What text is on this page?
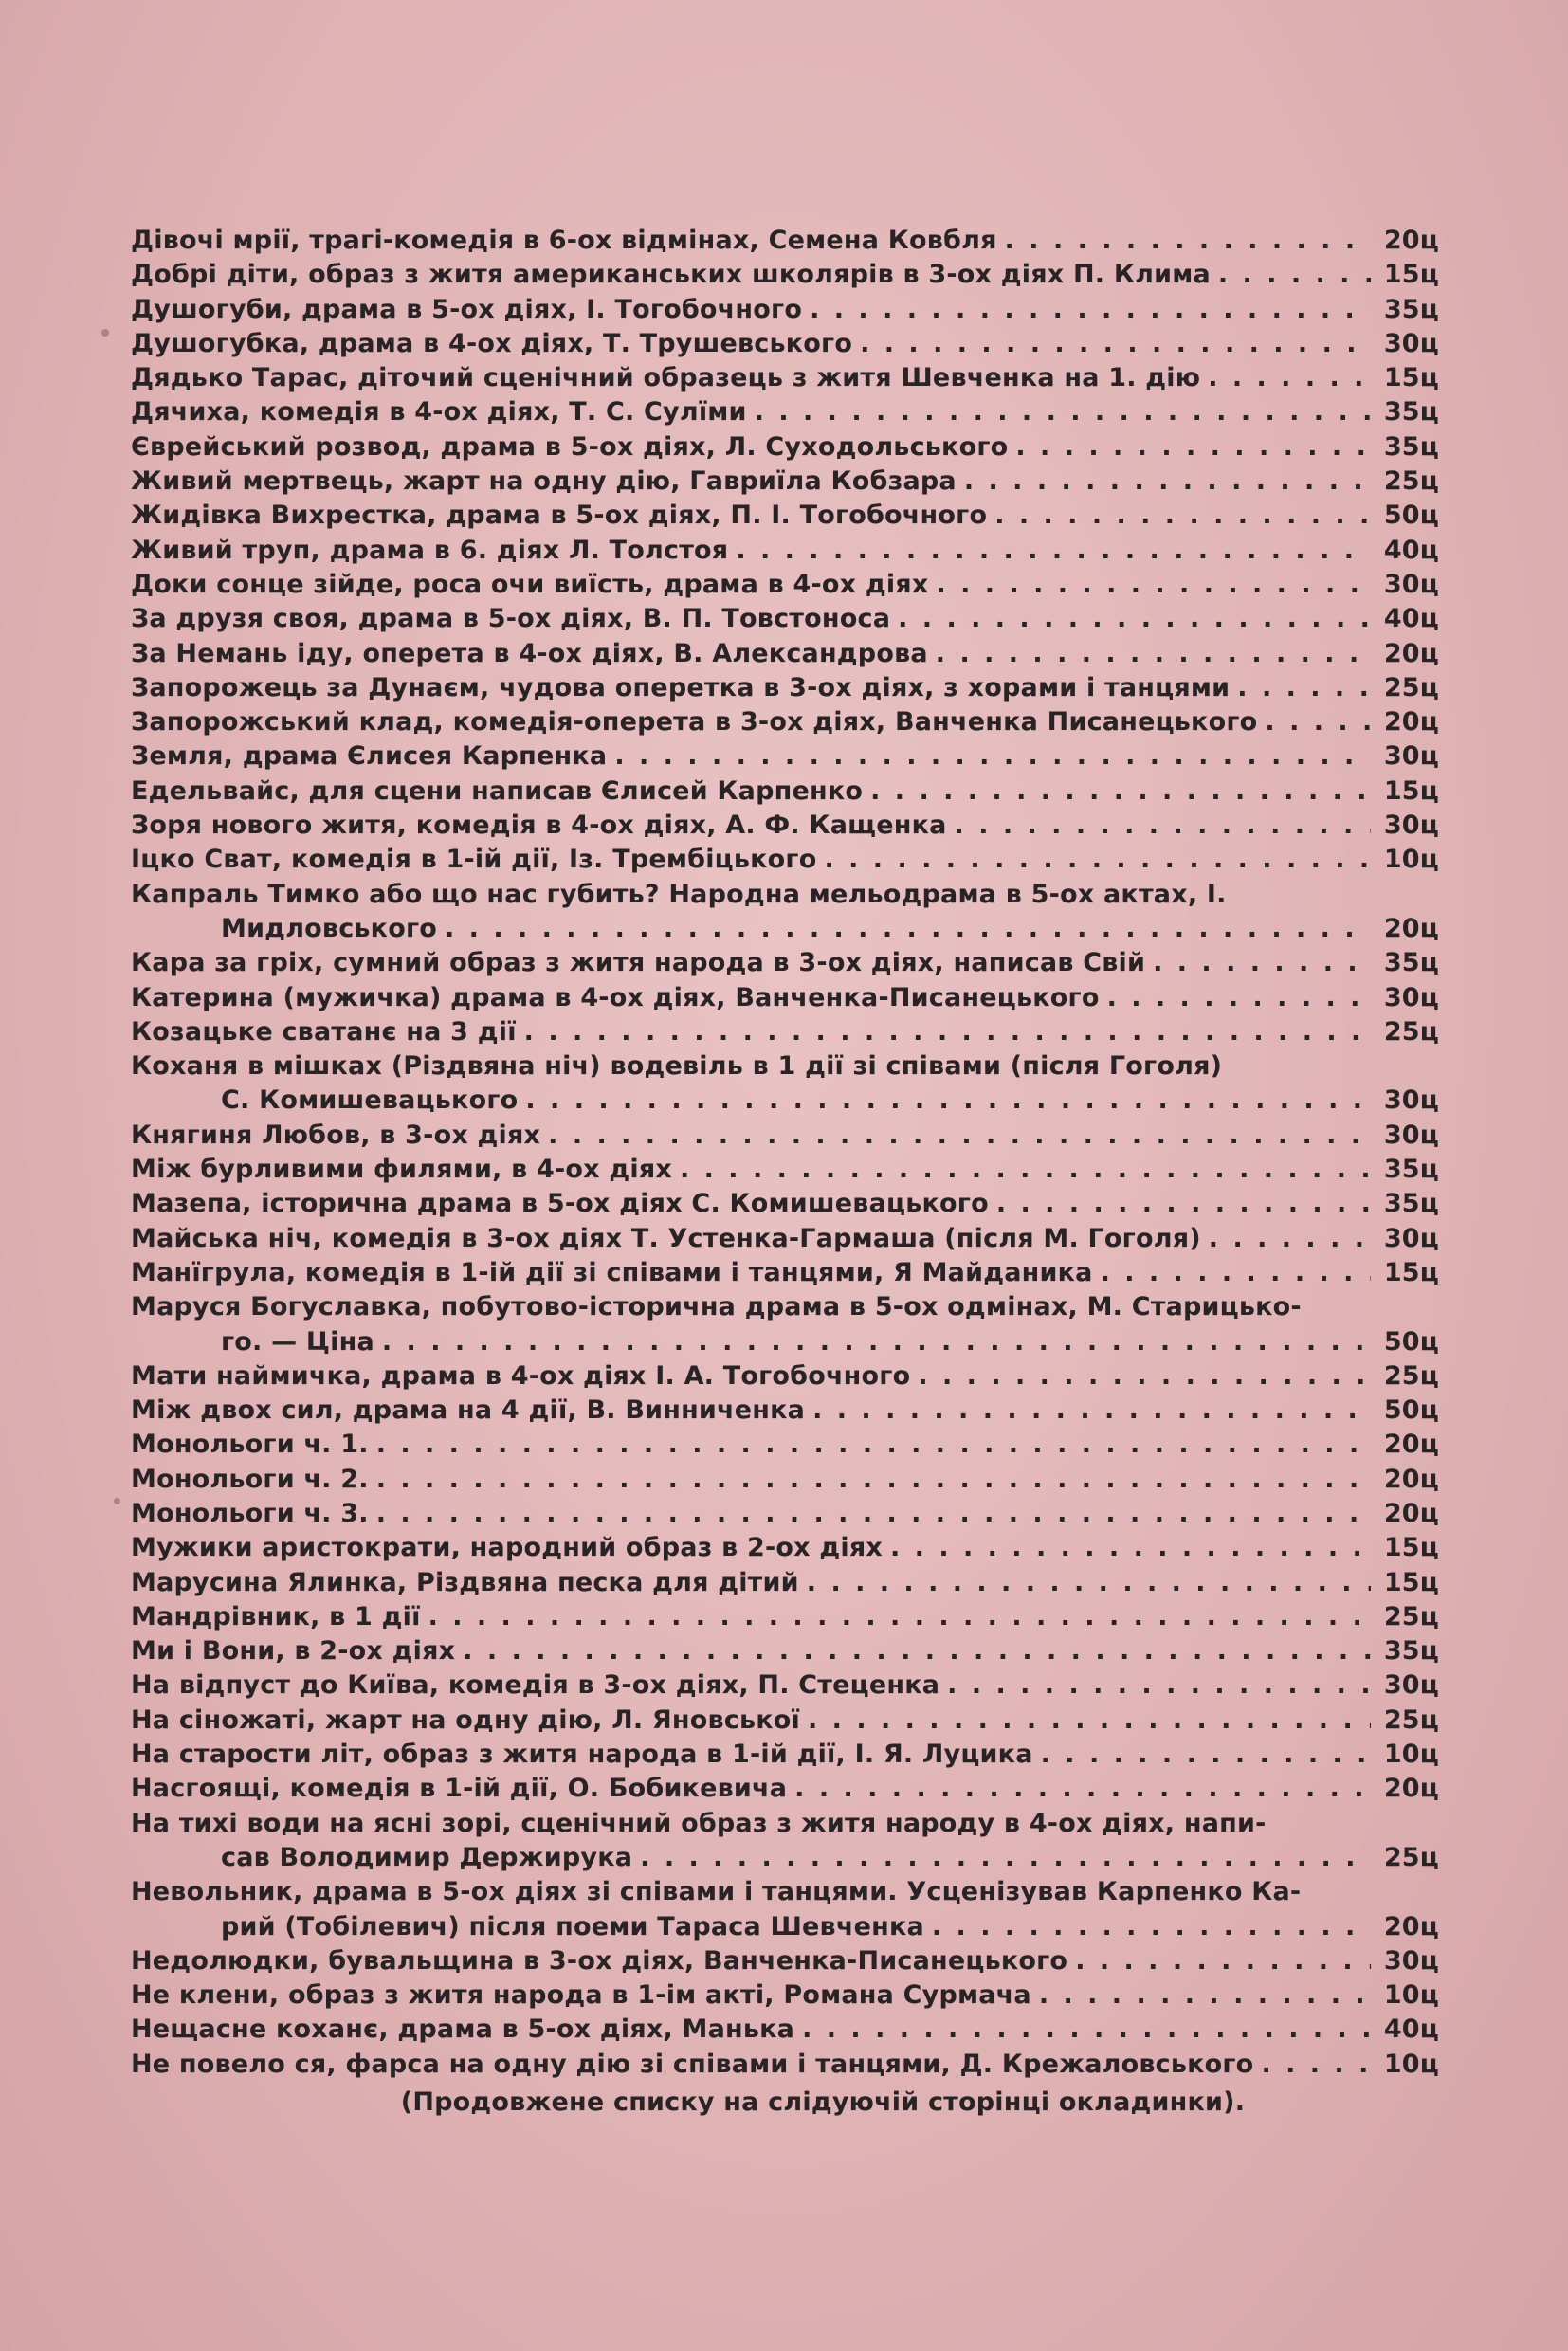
Дівочі мрії, трагі-комедія в 6-ох відмінах, Семена Ковбля . . .	20ц
Добрі діти, образ з житя американських школярів в 3-ох діях П. Клима . . .	15ц
Душогуби, драма в 5-ох діях, І. Тогобочного . . .	35ц
Душогубка, драма в 4-ох діях, Т. Трушевського . . .	30ц
Дядько Тарас, діточий сценічний образець з житя Шевченка на 1. дію . . .	15ц
Дячиха, комедія в 4-ох діях, Т. С. Сулїми . . .	35ц
Єврейський розвод, драма в 5-ох діях, Л. Суходольського . . .	35ц
Живий мертвець, жарт на одну дію, Гавриїла Кобзара . . .	25ц
Жидівка Вихрестка, драма в 5-ох діях, П. І. Тогобочного . . .	50ц
Живий труп, драма в 6. діях Л. Толстоя . . .	40ц
Доки сонце зійде, роса очи виїсть, драма в 4-ох діях . . .	30ц
За друзя своя, драма в 5-ох діях, В. П. Товстоноса . . .	40ц
За Немань іду, оперета в 4-ох діях, В. Александрова . . .	20ц
Запорожець за Дунаєм, чудова оперетка в 3-ох діях, з хорами і танцями . . .	25ц
Запорожський клад, комедія-оперета в 3-ох діях, Ванченка Писанецького . . .	20ц
Земля, драма Єлисея Карпенка . . .	30ц
Едельвайс, для сцени написав Єлисей Карпенко . . .	15ц
Зоря нового житя, комедія в 4-ох діях, А. Ф. Кащенка . . .	30ц
Іцко Сват, комедія в 1-ій дії, Із. Трембіцького . . .	10ц
Капраль Тимко або що нас губить? Народна мельодрама в 5-ох актах, І.
Мидловського . . .	20ц
Кара за гріх, сумний образ з житя народа в 3-ох діях, написав Свій . . .	35ц
Катерина (мужичка) драма в 4-ох діях, Ванченка-Писанецького . . .	30ц
Козацьке сватанє на 3 дії . . .	25ц
Коханя в мішках (Різдвяна ніч) водевіль в 1 дії зі співами (після Гоголя)
С. Комишевацького . . .	30ц
Княгиня Любов, в 3-ох діях . . .	30ц
Між бурливими филями, в 4-ох діях . . .	35ц
Мазепа, історична драма в 5-ох діях С. Комишевацького . . .	35ц
Майська ніч, комедія в 3-ох діях Т. Устенка-Гармаша (після М. Гоголя) . . .	30ц
Манїгрула, комедія в 1-ій дії зі співами і танцями, Я Майданика . . .	15ц
Маруся Богуславка, побутово-історична драма в 5-ох одмінах, М. Старицько-
го. — Ціна . . .	50ц
Мати наймичка, драма в 4-ох діях І. А. Тогобочного . . .	25ц
Між двох сил, драма на 4 дії, В. Винниченка . . .	50ц
Монольоги ч. 1. . . .	20ц
Монольоги ч. 2. . . .	20ц
Монольоги ч. 3. . . .	20ц
Мужики аристократи, народний образ в 2-ох діях . . .	15ц
Марусина Ялинка, Різдвяна песка для дітий . . .	15ц
Мандрівник, в 1 дії . . .	25ц
Ми і Вони, в 2-ох діях . . .	35ц
На відпуст до Київа, комедія в 3-ох діях, П. Стеценка . . .	30ц
На сіножаті, жарт на одну дію, Л. Яновської . . .	25ц
На старости літ, образ з житя народа в 1-ій дії, І. Я. Луцика . . .	10ц
Насгоящі, комедія в 1-ій дії, О. Бобикевича . . .	20ц
На тихі води на ясні зорі, сценічний образ з житя народу в 4-ох діях, напи-
сав Володимир Держирука . . .	25ц
Невольник, драма в 5-ох діях зі співами і танцями. Усценізував Карпенко Ка-
рий (Тобілевич) після поеми Тараса Шевченка . . .	20ц
Недолюдки, бувальщина в 3-ох діях, Ванченка-Писанецького . . .	30ц
Не клени, образ з житя народа в 1-ім акті, Романа Сурмача . . .	10ц
Нещасне коханє, драма в 5-ох діях, Манька . . .	40ц
Не повело ся, фарса на одну дію зі співами і танцями, Д. Крежаловського . . .	10ц
(Продовжене списку на слідуючій сторінці окладинки).
